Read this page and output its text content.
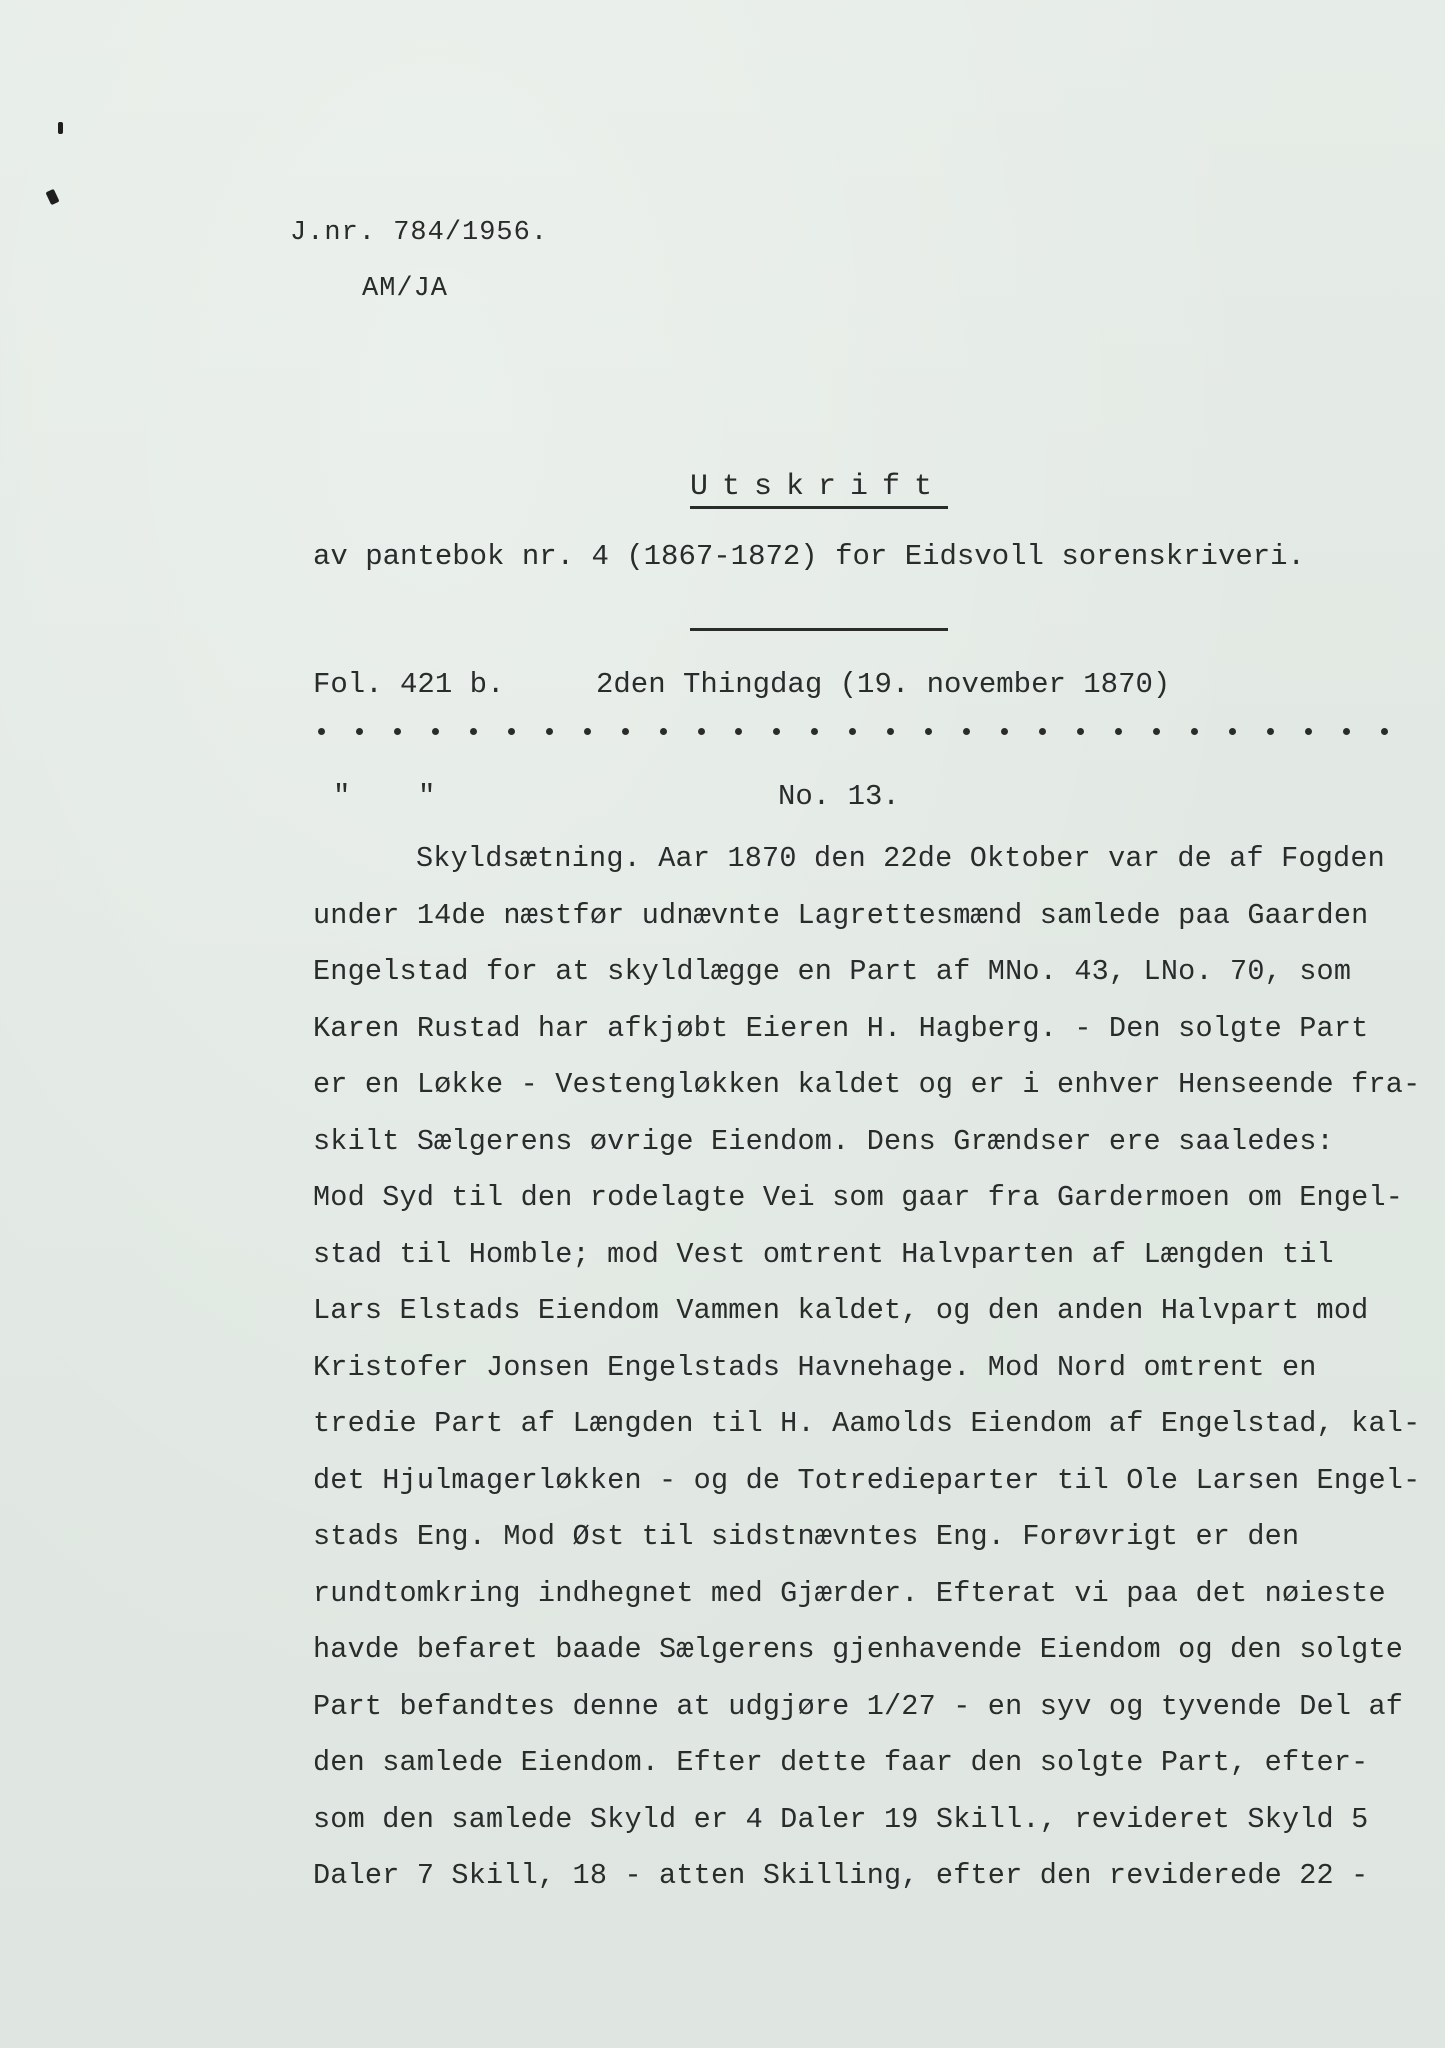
J.nr. 784/1956.
AM/JA
Utskrift
av pantebok nr. 4 (1867-1872) for Eidsvoll sorenskriveri.
Fol. 421 b.	2den Thingdag (19. november 1870)
" "	No. 13.
Skyldsætning. Aar 1870 den 22de Oktober var de af Fogden
under 14de næstfør udnævnte Lagrettesmænd samlede paa Gaarden
Engelstad for at skyldlægge en Part af MNo. 43, LNo. 70, som
Karen Rustad har afkjøbt Eieren H. Hagberg. - Den solgte Part
er en Løkke - Vestengløkken kaldet og er i enhver Henseende fra-
skilt Sælgerens øvrige Eiendom. Dens Grændser ere saaledes:
Mod Syd til den rodelagte Vei som gaar fra Gardermoen om Engel-
stad til Homble; mod Vest omtrent Halvparten af Længden til
Lars Elstads Eiendom Vammen kaldet, og den anden Halvpart mod
Kristofer Jonsen Engelstads Havnehage. Mod Nord omtrent en
tredie Part af Længden til H. Aamolds Eiendom af Engelstad, kal-
det Hjulmagerløkken - og de Totredieparter til Ole Larsen Engel-
stads Eng. Mod Øst til sidstnævntes Eng. Forøvrigt er den
rundtomkring indhegnet med Gjærder. Efterat vi paa det nøieste
havde befaret baade Sælgerens gjenhavende Eiendom og den solgte
Part befandtes denne at udgjøre 1/27 - en syv og tyvende Del af
den samlede Eiendom. Efter dette faar den solgte Part, efter-
som den samlede Skyld er 4 Daler 19 Skill., revideret Skyld 5
Daler 7 Skill, 18 - atten Skilling, efter den reviderede 22 -
